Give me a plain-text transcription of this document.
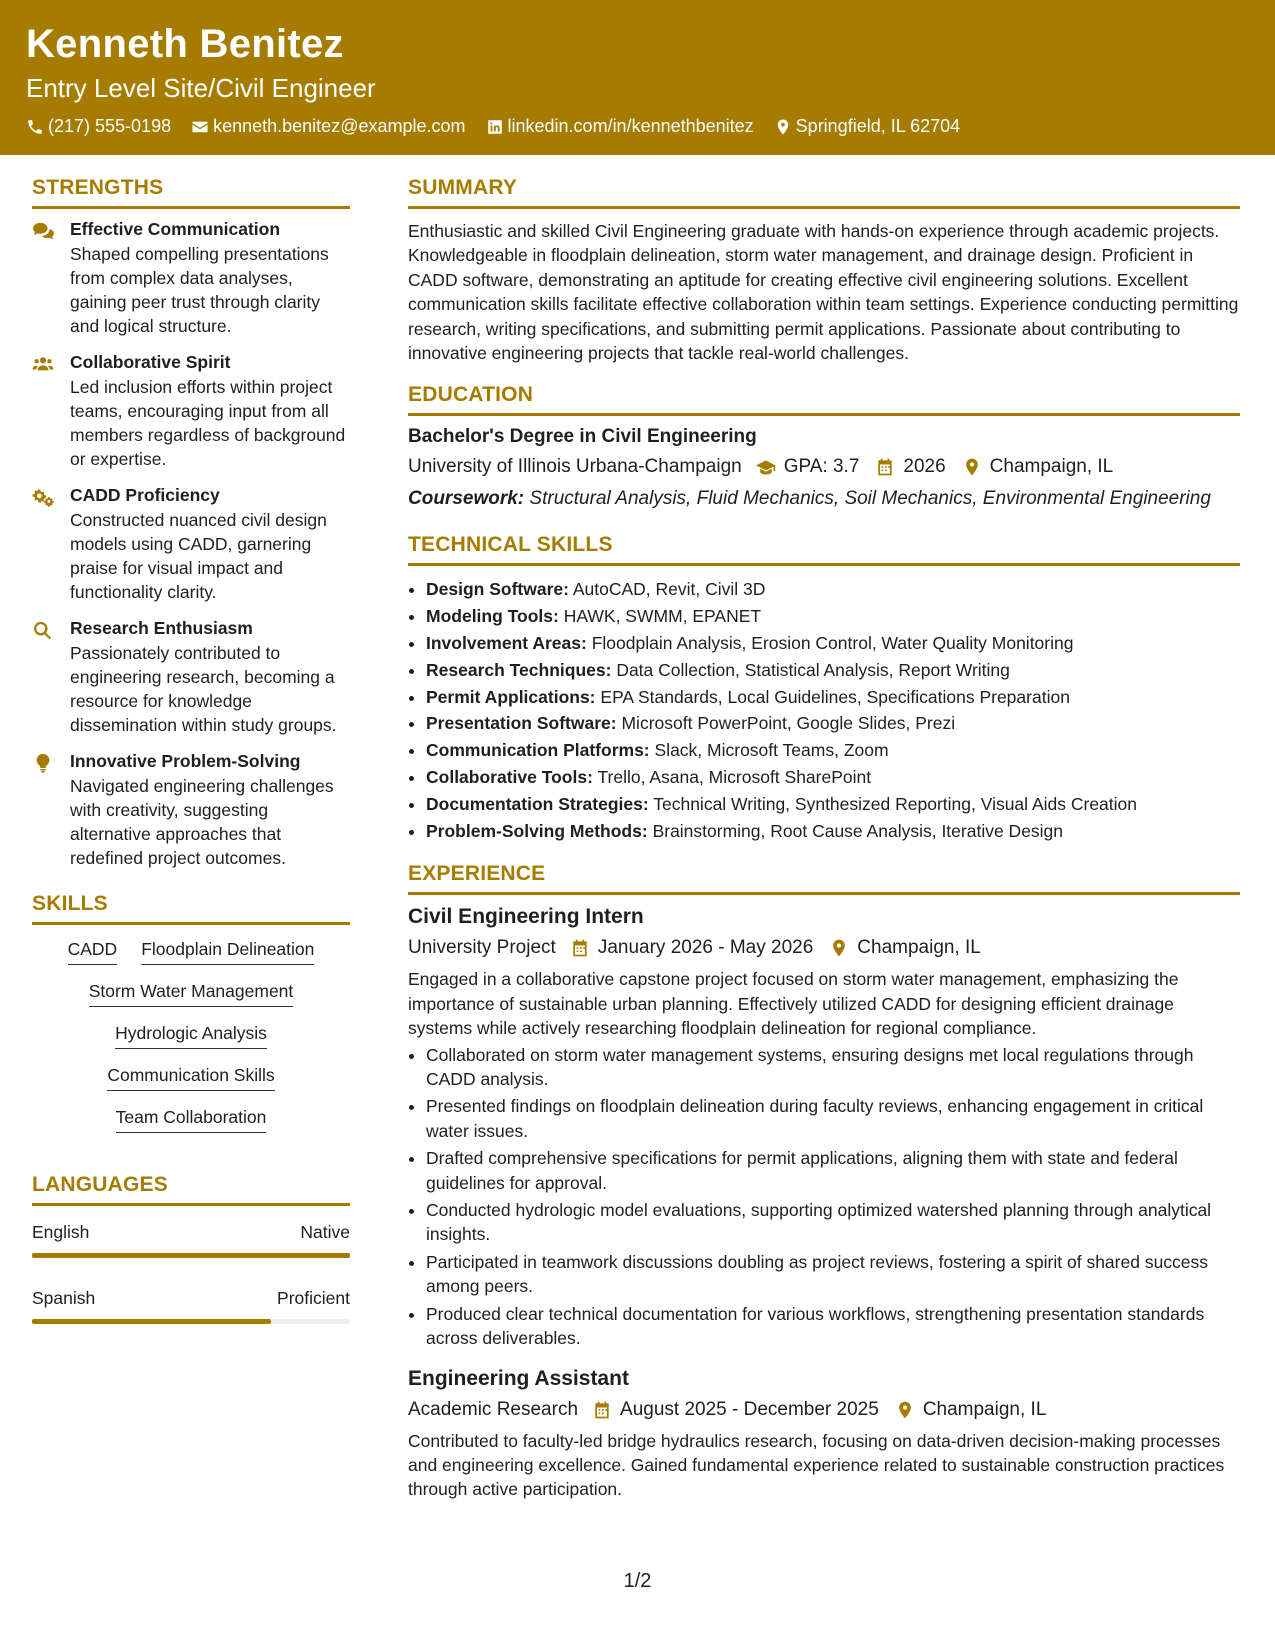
Kenneth Benitez
Entry Level Site/Civil Engineer
(217) 555-0198 kenneth.benitez@example.com linkedin.com/in/kennethbenitez Springfield, IL 62704
STRENGTHS
Effective Communication
Shaped compelling presentations from complex data analyses, gaining peer trust through clarity and logical structure.
Collaborative Spirit
Led inclusion efforts within project teams, encouraging input from all members regardless of background or expertise.
CADD Proficiency
Constructed nuanced civil design models using CADD, garnering praise for visual impact and functionality clarity.
Research Enthusiasm
Passionately contributed to engineering research, becoming a resource for knowledge dissemination within study groups.
Innovative Problem-Solving
Navigated engineering challenges with creativity, suggesting alternative approaches that redefined project outcomes.
SKILLS
CADD Floodplain Delineation
Storm Water Management
Hydrologic Analysis
Communication Skills
Team Collaboration
LANGUAGES
English	Native
Spanish	Proficient
SUMMARY
Enthusiastic and skilled Civil Engineering graduate with hands-on experience through academic projects. Knowledgeable in floodplain delineation, storm water management, and drainage design. Proficient in CADD software, demonstrating an aptitude for creating effective civil engineering solutions. Excellent communication skills facilitate effective collaboration within team settings. Experience conducting permitting research, writing specifications, and submitting permit applications. Passionate about contributing to innovative engineering projects that tackle real-world challenges.
EDUCATION
Bachelor's Degree in Civil Engineering
University of Illinois Urbana-Champaign GPA: 3.7 2026 Champaign, IL
Coursework: Structural Analysis, Fluid Mechanics, Soil Mechanics, Environmental Engineering
TECHNICAL SKILLS
• Design Software: AutoCAD, Revit, Civil 3D
• Modeling Tools: HAWK, SWMM, EPANET
• Involvement Areas: Floodplain Analysis, Erosion Control, Water Quality Monitoring
• Research Techniques: Data Collection, Statistical Analysis, Report Writing
• Permit Applications: EPA Standards, Local Guidelines, Specifications Preparation
• Presentation Software: Microsoft PowerPoint, Google Slides, Prezi
• Communication Platforms: Slack, Microsoft Teams, Zoom
• Collaborative Tools: Trello, Asana, Microsoft SharePoint
• Documentation Strategies: Technical Writing, Synthesized Reporting, Visual Aids Creation
• Problem-Solving Methods: Brainstorming, Root Cause Analysis, Iterative Design
EXPERIENCE
Civil Engineering Intern
University Project January 2026 - May 2026 Champaign, IL
Engaged in a collaborative capstone project focused on storm water management, emphasizing the importance of sustainable urban planning. Effectively utilized CADD for designing efficient drainage systems while actively researching floodplain delineation for regional compliance.
• Collaborated on storm water management systems, ensuring designs met local regulations through CADD analysis.
• Presented findings on floodplain delineation during faculty reviews, enhancing engagement in critical water issues.
• Drafted comprehensive specifications for permit applications, aligning them with state and federal guidelines for approval.
• Conducted hydrologic model evaluations, supporting optimized watershed planning through analytical insights.
• Participated in teamwork discussions doubling as project reviews, fostering a spirit of shared success among peers.
• Produced clear technical documentation for various workflows, strengthening presentation standards across deliverables.
Engineering Assistant
Academic Research August 2025 - December 2025 Champaign, IL
Contributed to faculty-led bridge hydraulics research, focusing on data-driven decision-making processes and engineering excellence. Gained fundamental experience related to sustainable construction practices through active participation.
1/2
